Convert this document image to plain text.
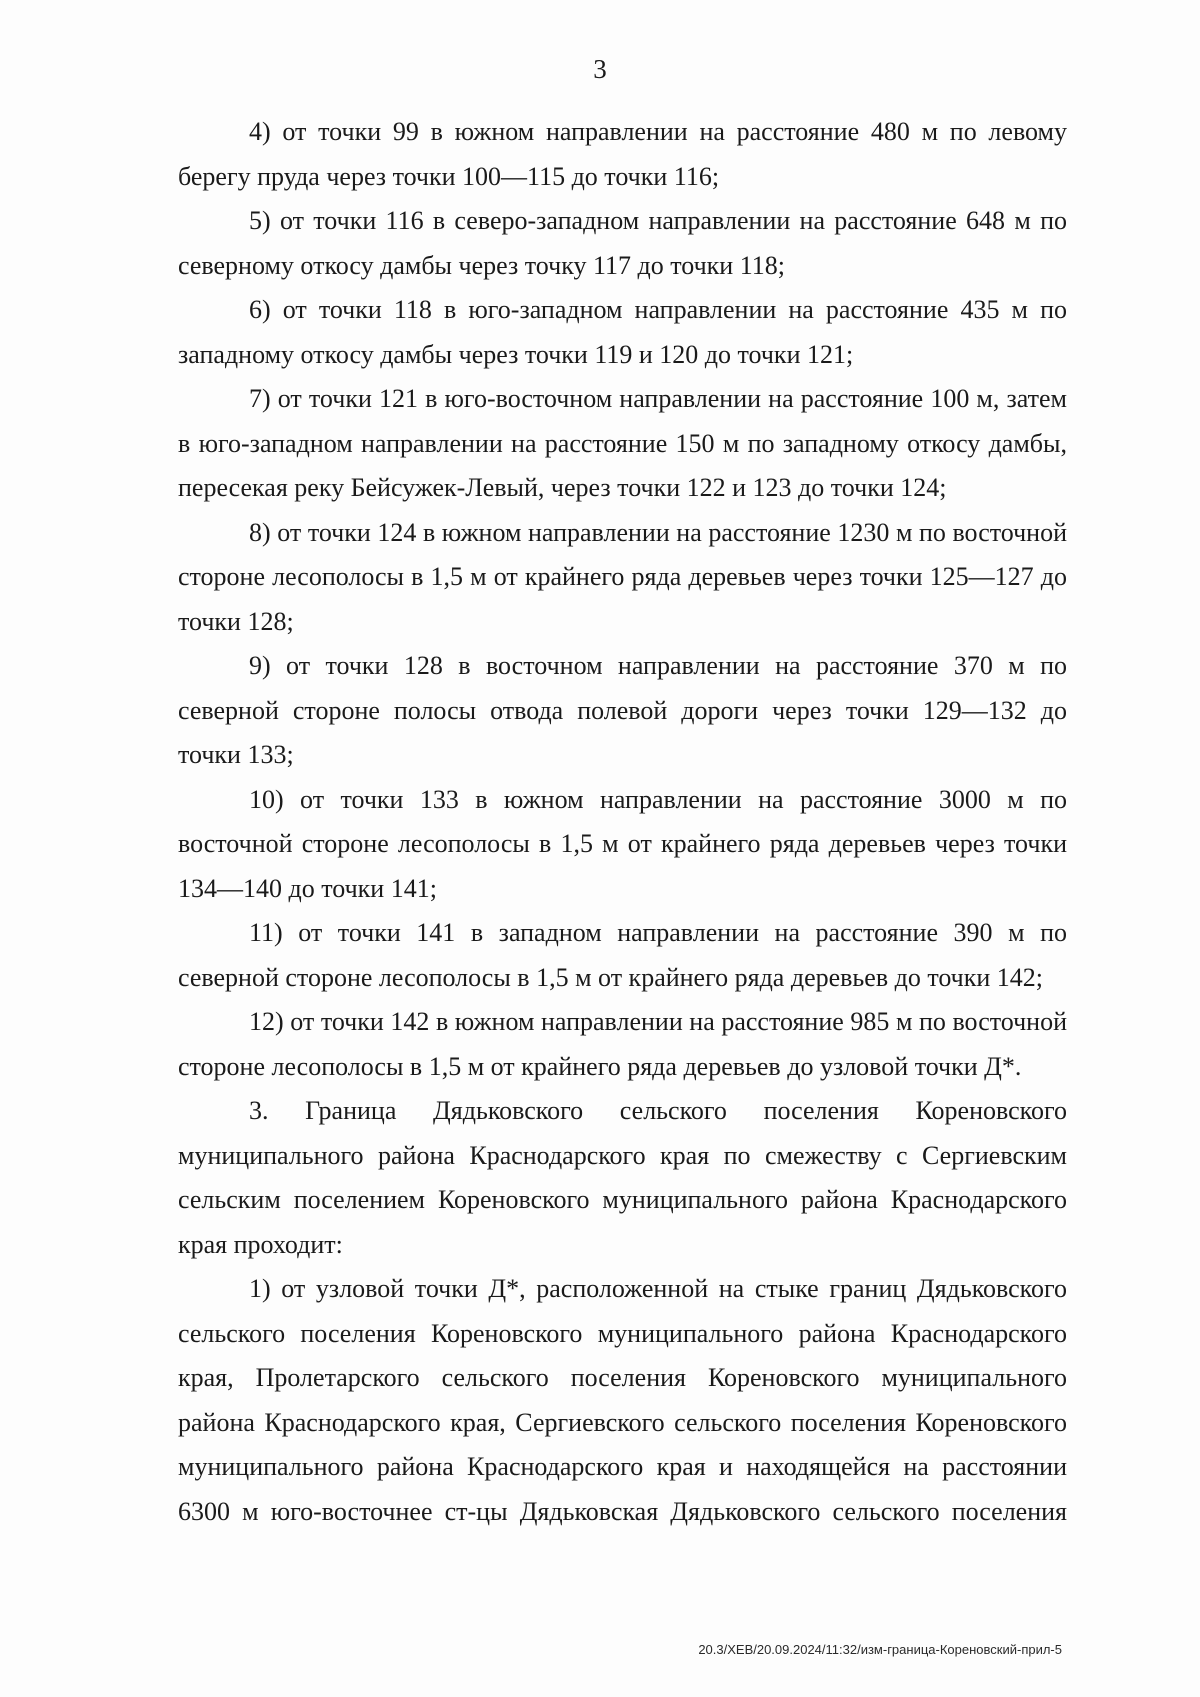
3

4) от точки 99 в южном направлении на расстояние 480 м по левому берегу пруда через точки 100—115 до точки 116;

5) от точки 116 в северо-западном направлении на расстояние 648 м по северному откосу дамбы через точку 117 до точки 118;

6) от точки 118 в юго-западном направлении на расстояние 435 м по западному откосу дамбы через точки 119 и 120 до точки 121;

7) от точки 121 в юго-восточном направлении на расстояние 100 м, затем в юго-западном направлении на расстояние 150 м по западному откосу дамбы, пересекая реку Бейсужек-Левый, через точки 122 и 123 до точки 124;

8) от точки 124 в южном направлении на расстояние 1230 м по восточной стороне лесополосы в 1,5 м от крайнего ряда деревьев через точки 125—127 до точки 128;

9) от точки 128 в восточном направлении на расстояние 370 м по северной стороне полосы отвода полевой дороги через точки 129—132 до точки 133;

10) от точки 133 в южном направлении на расстояние 3000 м по восточной стороне лесополосы в 1,5 м от крайнего ряда деревьев через точки 134—140 до точки 141;

11) от точки 141 в западном направлении на расстояние 390 м по северной стороне лесополосы в 1,5 м от крайнего ряда деревьев до точки 142;

12) от точки 142 в южном направлении на расстояние 985 м по восточной стороне лесополосы в 1,5 м от крайнего ряда деревьев до узловой точки Д*.

3. Граница Дядьковского сельского поселения Кореновского муниципального района Краснодарского края по смежеству с Сергиевским сельским поселением Кореновского муниципального района Краснодарского края проходит:

1) от узловой точки Д*, расположенной на стыке границ Дядьковского сельского поселения Кореновского муниципального района Краснодарского края, Пролетарского сельского поселения Кореновского муниципального района Краснодарского края, Сергиевского сельского поселения Кореновского муниципального района Краснодарского края и находящейся на расстоянии 6300 м юго-восточнее ст-цы Дядьковская Дядьковского сельского поселения

20.3/ХЕВ/20.09.2024/11:32/изм-граница-Кореновский-прил-5
